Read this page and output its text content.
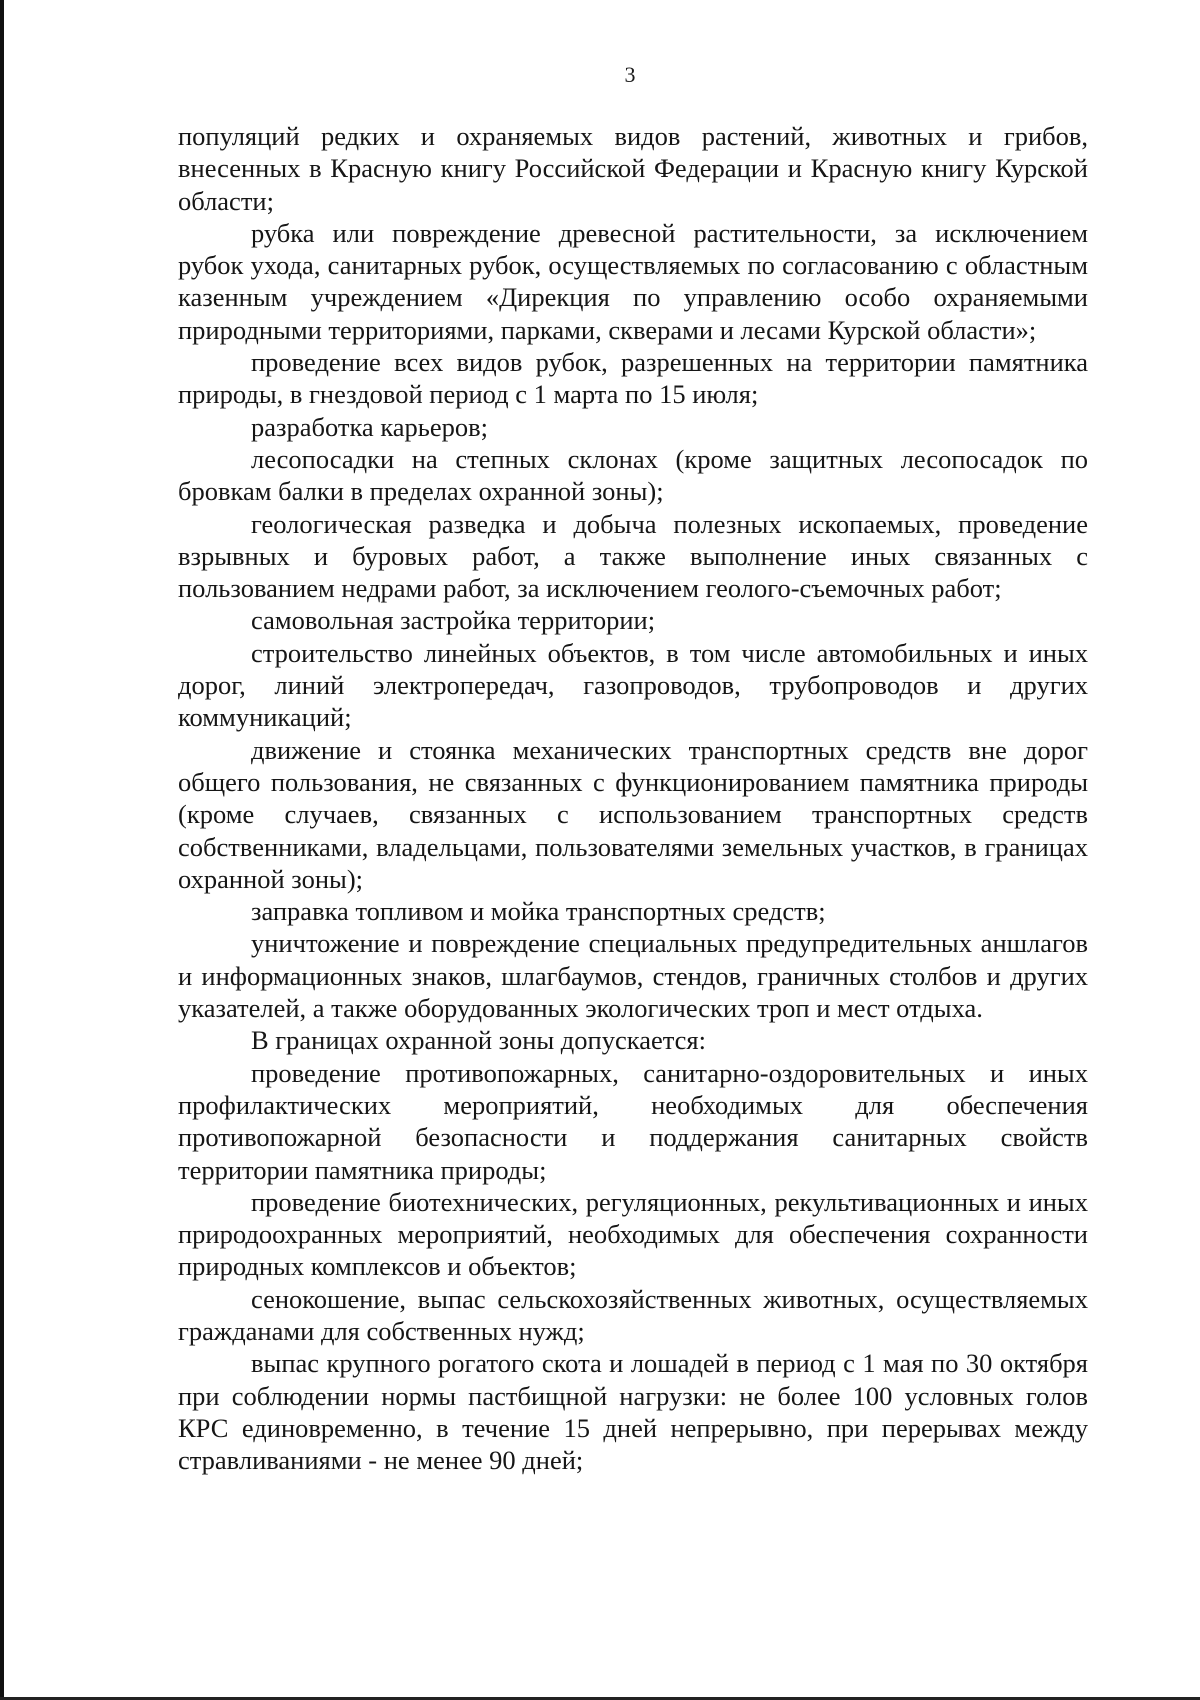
3

популяций редких и охраняемых видов растений, животных и грибов, внесенных в Красную книгу Российской Федерации и Красную книгу Курской области;

рубка или повреждение древесной растительности, за исключением рубок ухода, санитарных рубок, осуществляемых по согласованию с областным казенным учреждением «Дирекция по управлению особо охраняемыми природными территориями, парками, скверами и лесами Курской области»;

проведение всех видов рубок, разрешенных на территории памятника природы, в гнездовой период с 1 марта по 15 июля;

разработка карьеров;

лесопосадки на степных склонах (кроме защитных лесопосадок по бровкам балки в пределах охранной зоны);

геологическая разведка и добыча полезных ископаемых, проведение взрывных и буровых работ, а также выполнение иных связанных с пользованием недрами работ, за исключением геолого-съемочных работ;

самовольная застройка территории;

строительство линейных объектов, в том числе автомобильных и иных дорог, линий электропередач, газопроводов, трубопроводов и других коммуникаций;

движение и стоянка механических транспортных средств вне дорог общего пользования, не связанных с функционированием памятника природы (кроме случаев, связанных с использованием транспортных средств собственниками, владельцами, пользователями земельных участков, в границах охранной зоны);

заправка топливом и мойка транспортных средств;

уничтожение и повреждение специальных предупредительных аншлагов и информационных знаков, шлагбаумов, стендов, граничных столбов и других указателей, а также оборудованных экологических троп и мест отдыха.

В границах охранной зоны допускается:

проведение противопожарных, санитарно-оздоровительных и иных профилактических мероприятий, необходимых для обеспечения противопожарной безопасности и поддержания санитарных свойств территории памятника природы;

проведение биотехнических, регуляционных, рекультивационных и иных природоохранных мероприятий, необходимых для обеспечения сохранности природных комплексов и объектов;

сенокошение, выпас сельскохозяйственных животных, осуществляемых гражданами для собственных нужд;

выпас крупного рогатого скота и лошадей в период с 1 мая по 30 октября при соблюдении нормы пастбищной нагрузки: не более 100 условных голов КРС единовременно, в течение 15 дней непрерывно, при перерывах между стравливаниями - не менее 90 дней;
